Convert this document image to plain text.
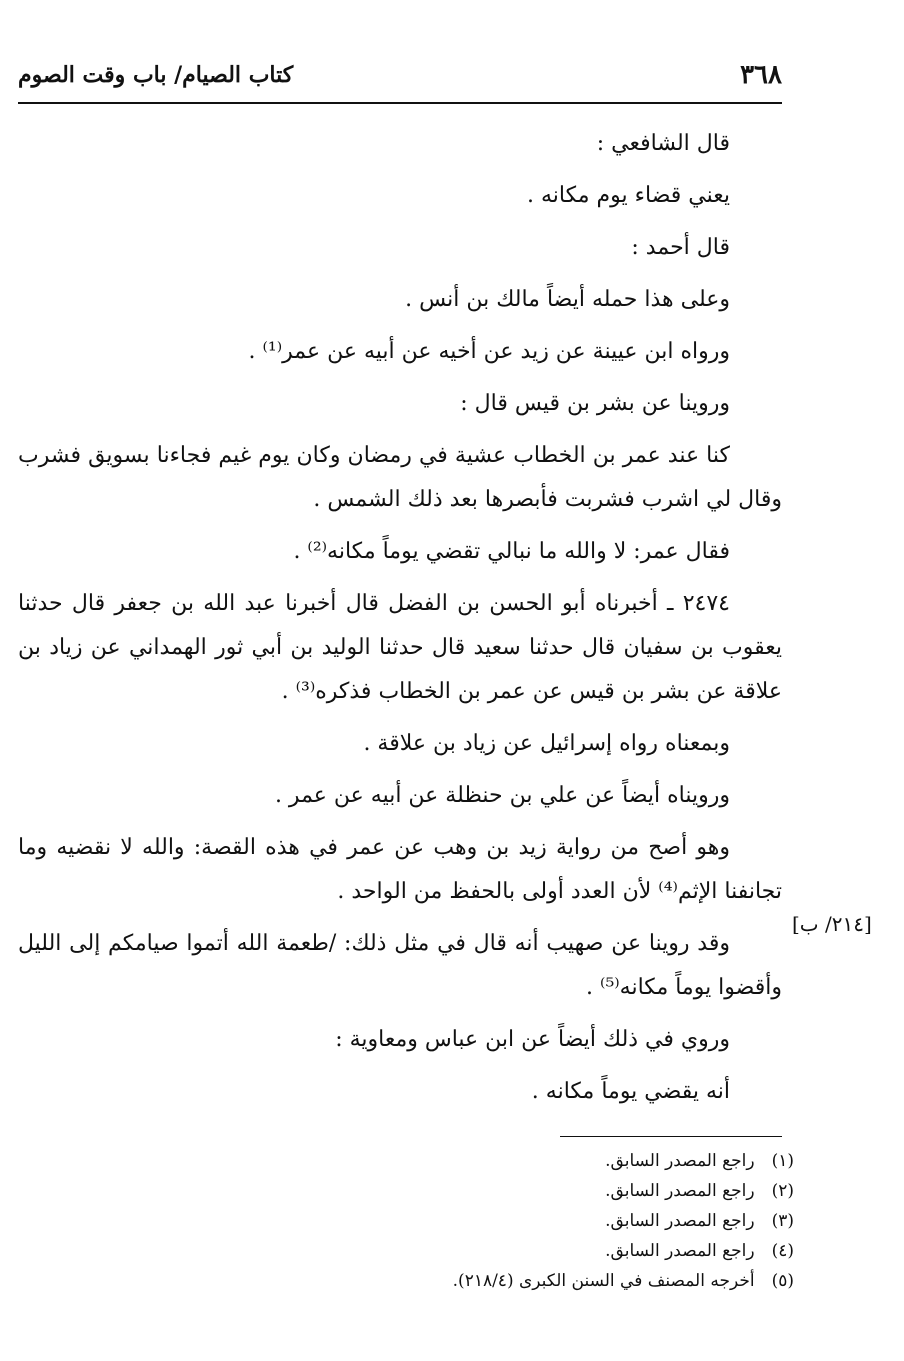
٣٦٨
كتاب الصيام/ باب وقت الصوم

قال الشافعي :

يعني قضاء يوم مكانه .

قال أحمد :

وعلى هذا حمله أيضاً مالك بن أنس .

ورواه ابن عيينة عن زيد عن أخيه عن أبيه عن عمر⁽¹⁾ .

وروينا عن بشر بن قيس قال :

كنا عند عمر بن الخطاب عشية في رمضان وكان يوم غيم فجاءنا بسويق فشرب وقال لي اشرب فشربت فأبصرها بعد ذلك الشمس .

فقال عمر: لا والله ما نبالي تقضي يوماً مكانه⁽²⁾ .

٢٤٧٤ ـ أخبرناه أبو الحسن بن الفضل قال أخبرنا عبد الله بن جعفر قال حدثنا يعقوب بن سفيان قال حدثنا سعيد قال حدثنا الوليد بن أبي ثور الهمداني عن زياد بن علاقة عن بشر بن قيس عن عمر بن الخطاب فذكره⁽³⁾ .

وبمعناه رواه إسرائيل عن زياد بن علاقة .

ورويناه أيضاً عن علي بن حنظلة عن أبيه عن عمر .

وهو أصح من رواية زيد بن وهب عن عمر في هذه القصة: والله لا نقضيه وما تجانفنا الإثم⁽⁴⁾ لأن العدد أولى بالحفظ من الواحد .

وقد روينا عن صهيب أنه قال في مثل ذلك: /طعمة الله أتموا صيامكم إلى الليل وأقضوا يوماً مكانه⁽⁵⁾ .

وروي في ذلك أيضاً عن ابن عباس ومعاوية :

أنه يقضي يوماً مكانه .

[٢١٤/ ب]

(١) راجع المصدر السابق.

(٢) راجع المصدر السابق.

(٣) راجع المصدر السابق.

(٤) راجع المصدر السابق.

(٥) أخرجه المصنف في السنن الكبرى (٢١٨/٤).
